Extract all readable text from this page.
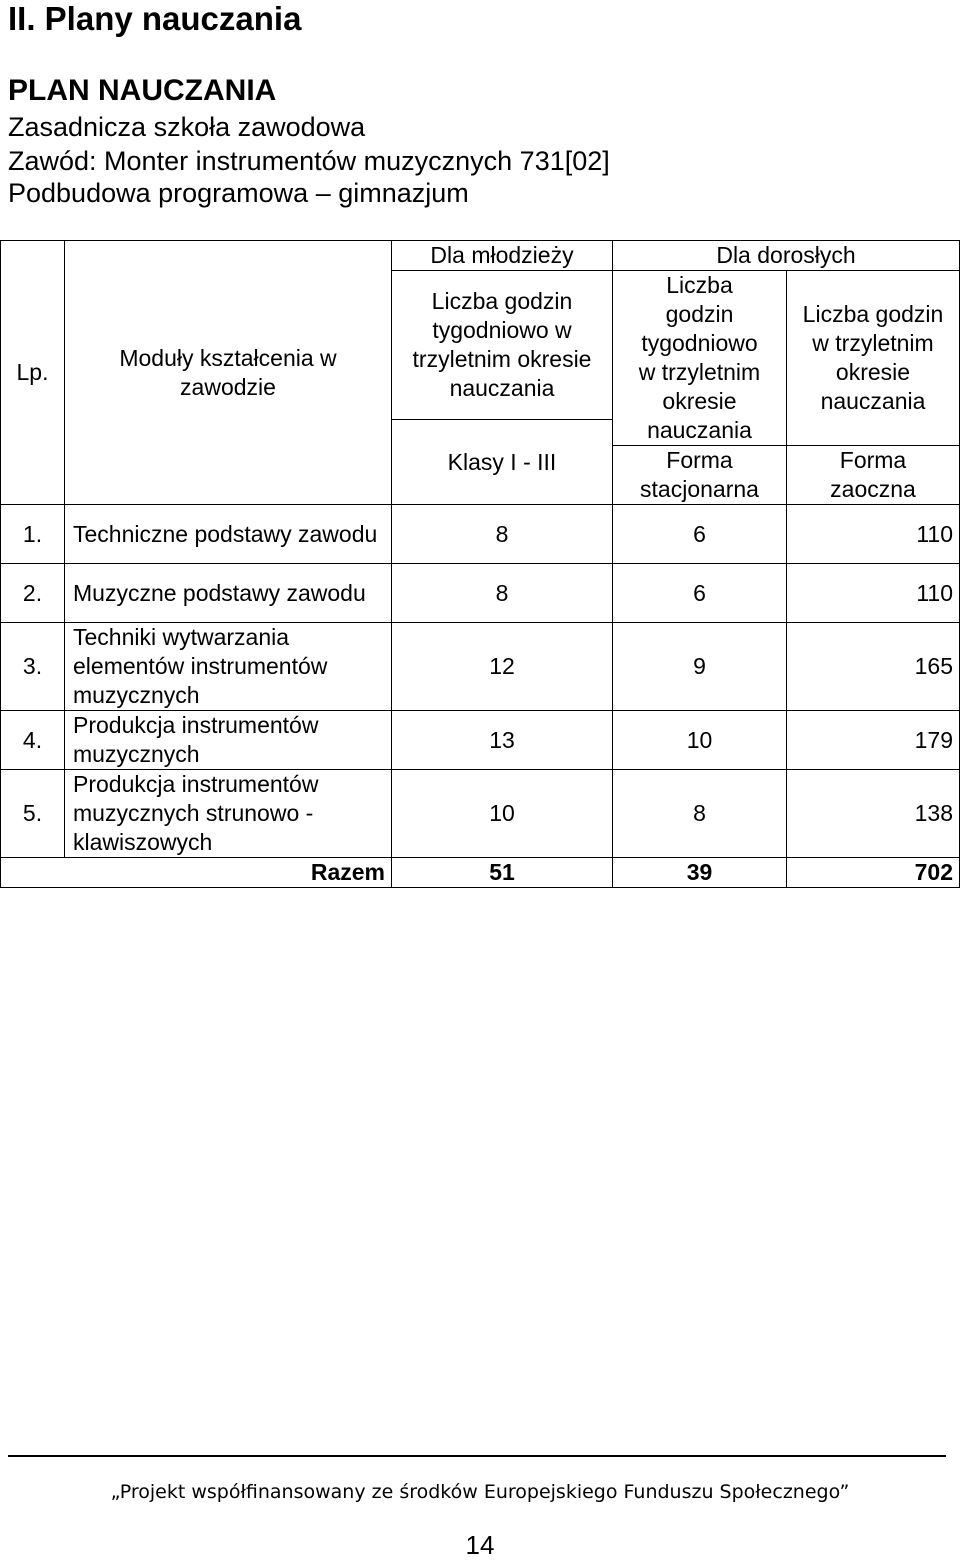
II. Plany nauczania
PLAN NAUCZANIA

Zasadnicza szkoła zawodowa

Zawód: Monter instrumentów muzycznych 731[02]

Podbudowa programowa – gimnazjum

Lp.	Moduły kształcenia w zawodzie	Dla młodzieży	Dla dorosłych	
		Liczba godzin tygodniowo w trzyletnim okresie nauczania	Liczba godzin tygodniowo w trzyletnim okresie nauczania	Liczba godzin w trzyletnim okresie nauczania
		Klasy I - III		
			Forma stacjonarna	Forma zaoczna
1.	Techniczne podstawy zawodu	8	6	110
2.	Muzyczne podstawy zawodu	8	6	110
3.	Techniki wytwarzania elementów instrumentów muzycznych	12	9	165
4.	Produkcja instrumentów muzycznych	13	10	179
5.	Produkcja instrumentów muzycznych strunowo - klawiszowych	10	8	138
Razem		51	39	702
„Projekt współfinansowany ze środków Europejskiego Funduszu Społecznego”
14
